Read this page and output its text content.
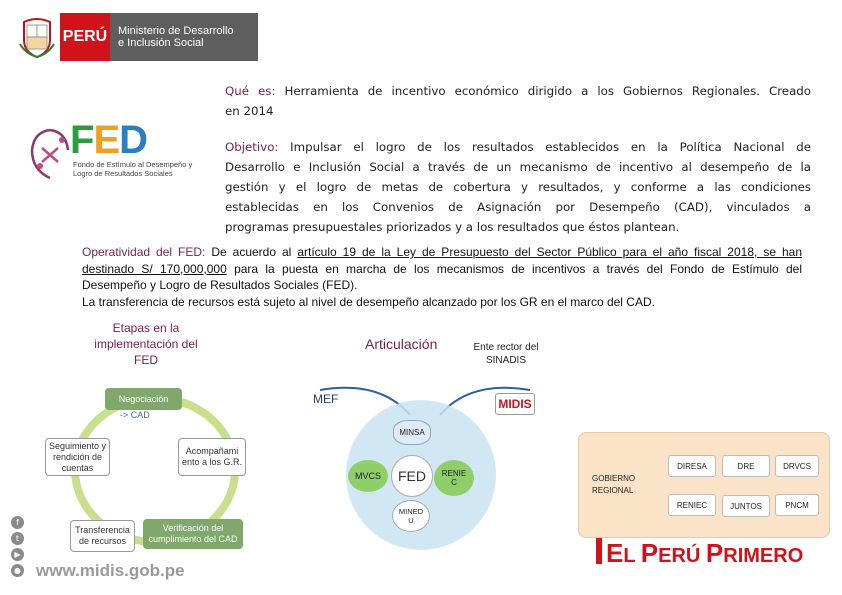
PERÚ Ministerio de Desarrollo
e Inclusión Social
FED
Fondo de Estímulo al Desempeño y
Logro de Resultados Sociales
Qué es: Herramienta de incentivo económico dirigido a los Gobiernos Regionales. Creado
en 2014
Objetivo: Impulsar el logro de los resultados establecidos en la Política Nacional de
Desarrollo e Inclusión Social a través de un mecanismo de incentivo al desempeño de la
gestión y el logro de metas de cobertura y resultados, y conforme a las condiciones
establecidas en los Convenios de Asignación por Desempeño (CAD), vinculados a
programas presupuestales priorizados y a los resultados que éstos plantean.
Operatividad del FED: De acuerdo al artículo 19 de la Ley de Presupuesto del Sector Público para el año fiscal 2018, se han
destinado S/ 170,000,000 para la puesta en marcha de los mecanismos de incentivos a través del Fondo de Estímulo del
Desempeño y Logro de Resultados Sociales (FED).
La transferencia de recursos está sujeto al nivel de desempeño alcanzado por los GR en el marco del CAD.
Etapas en la
implementación del
FED
Negociación
-> CAD
Seguimiento y rendición de cuentas
Acompañami ento a los G.R.
Transferencia de recursos
Verificación del cumplimiento del CAD
Articulación	Ente rector del
SINADIS
MEF	MIDIS
MINSA
MVCS	FED	RENIE
C
MINED
U
GOBIERNO
REGIONAL
DIRESA	DRE	DRVCS
RENIEC	JUNTOS	PNCM
f
t
▶
● www.midis.gob.pe
EL PERÚ PRIMERO
